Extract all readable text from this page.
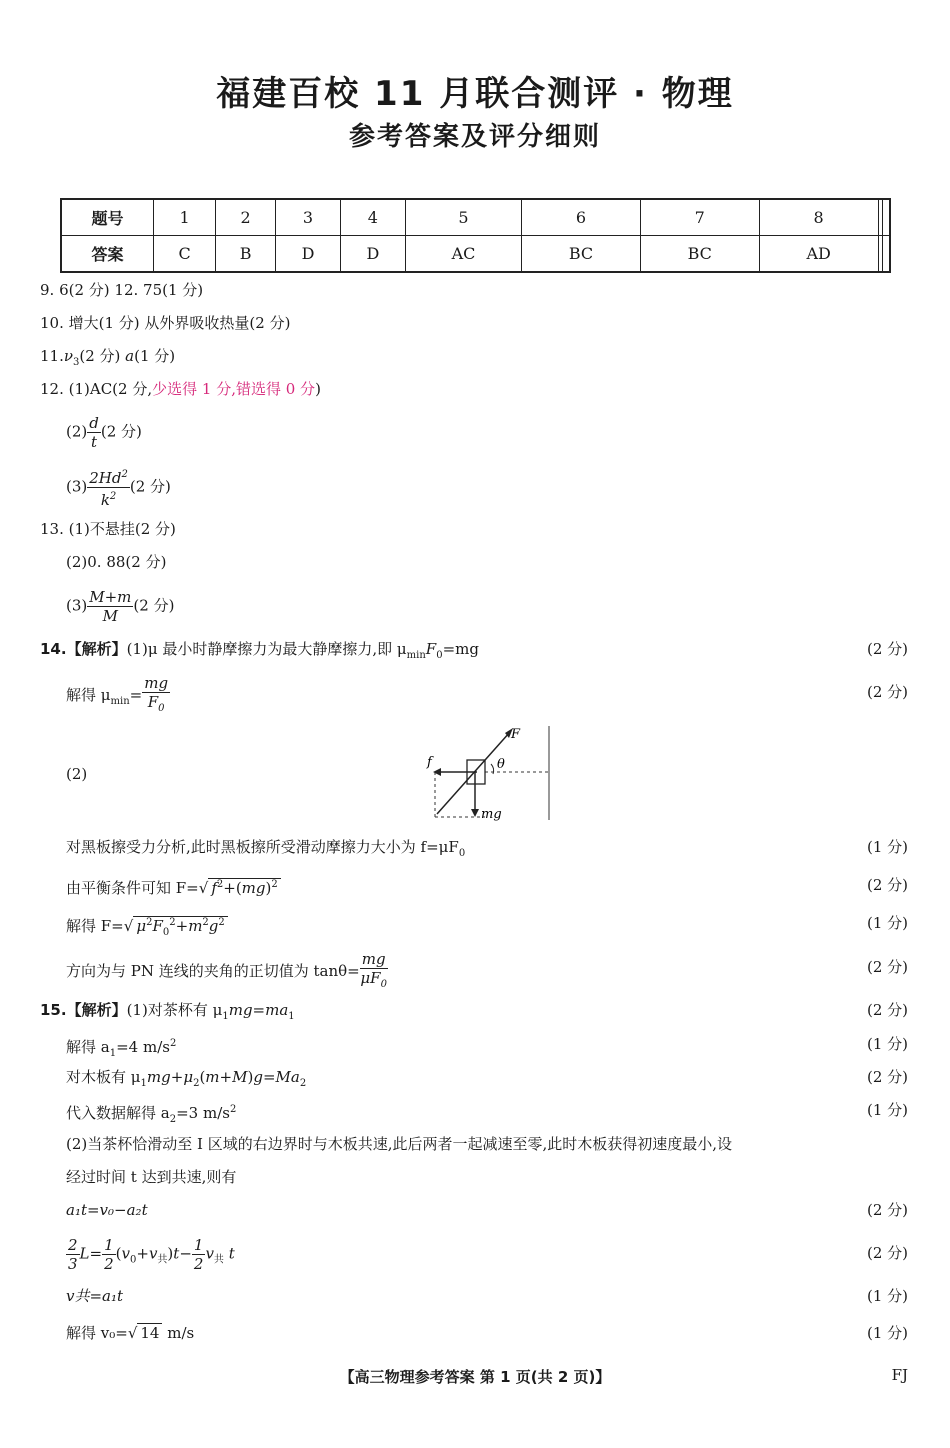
福建百校 11 月联合测评 · 物理
参考答案及评分细则
题号	1	2	3	4	5	6	7	8		
答案	C	B	D	D	AC	BC	BC	AD		
9. 6(2 分) 12. 75(1 分)
10. 增大(1 分) 从外界吸收热量(2 分)
$11.\nu_3(2$ 分) a(1 分)
12. (1)AC(2 分,少选得 1 分,错选得 0 分)
$(2) \frac{d}{t} (2$ 分)
$(3) \frac{2Hd^2}{k^2} (2$ 分)
13. (1)不悬挂(2 分)
(2)0. 88(2 分)
$(3) \frac{M+m}{M} (2$ 分)
14.【解析】(1)μ 最小时静摩擦力为最大静摩擦力,即 $\mu_{min}F_0=mg$	(2 分)
解得 $\mu_{min}= \frac{mg}{F_0}$	(2 分)
(2)
F
f	θ
mg
对黑板擦受力分析,此时黑板擦所受滑动摩擦力大小为 $f=\mu F_0$	(1 分)
由平衡条件可知 F=√ $f^2+(mg)^2$	(2 分)
解得 F=√ $\mu^2F_0^2+m^2g^2$	(1 分)
方向为与 PN 连线的夹角的正切值为 $\tan\theta= \frac{mg}{\mu F_0}$	(2 分)
15.【解析】(1)对茶杯有 $\mu_1mg=ma_1$	(2 分)
解得 $a_1=4$ $m/s^2$	(1 分)
对木板有 $\mu_1mg+\mu_2(m+M)g=Ma_2$	(2 分)
代入数据解得 $a_2=3$ $m/s^2$	(1 分)
(2)当茶杯恰滑动至 Ⅰ 区域的右边界时与木板共速,此后两者一起减速至零,此时木板获得初速度最小,设
经过时间 t 达到共速,则有
a₁t=v₀−a₂t	(2 分)
$\frac{2}{3} L= \frac{1}{2} (v_0+v_共)t- \frac{1}{2} v_共$ t	(2 分)
v共=a₁t	(1 分)
解得 v₀=√ 14 m/s	(1 分)
【高三物理参考答案 第 1 页(共 2 页)】	FJ
